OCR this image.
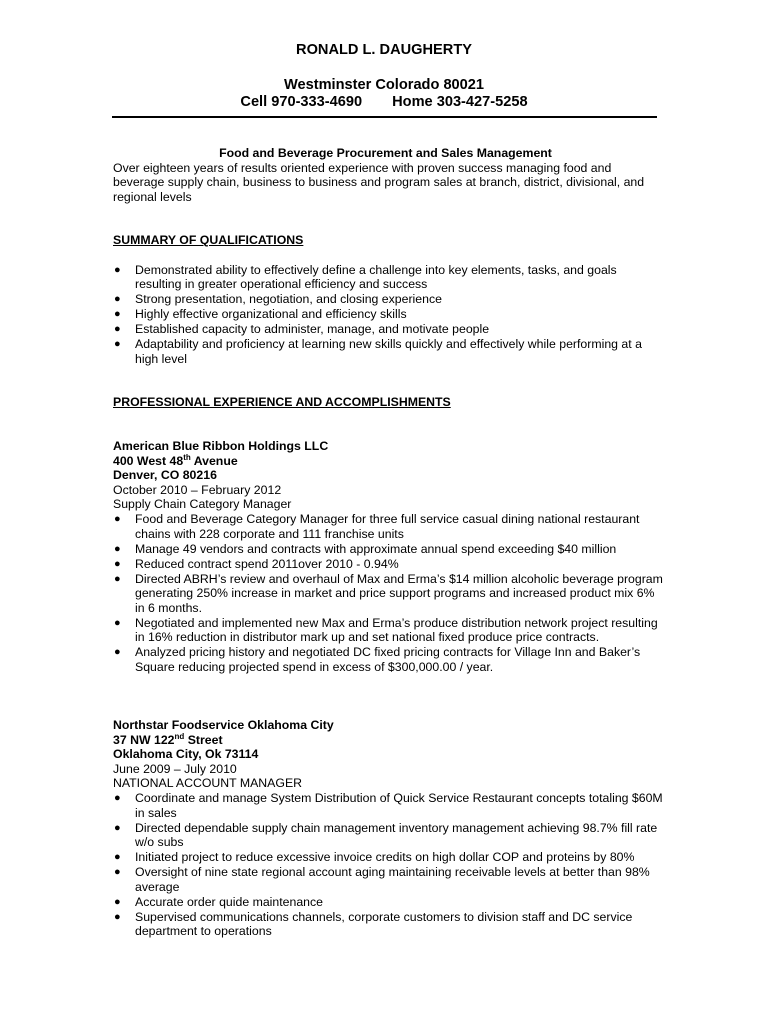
RONALD L. DAUGHERTY
Westminster Colorado 80021
Cell 970-333-4690 Home 303-427-5258
Food and Beverage Procurement and Sales Management
Over eighteen years of results oriented experience with proven success managing food and beverage supply chain, business to business and program sales at branch, district, divisional, and regional levels
SUMMARY OF QUALIFICATIONS
● Demonstrated ability to effectively define a challenge into key elements, tasks, and goals resulting in greater operational efficiency and success
● Strong presentation, negotiation, and closing experience
● Highly effective organizational and efficiency skills
● Established capacity to administer, manage, and motivate people
● Adaptability and proficiency at learning new skills quickly and effectively while performing at a high level
PROFESSIONAL EXPERIENCE AND ACCOMPLISHMENTS
American Blue Ribbon Holdings LLC
400 West 48th Avenue
Denver, CO 80216
October 2010 – February 2012
Supply Chain Category Manager
● Food and Beverage Category Manager for three full service casual dining national restaurant chains with 228 corporate and 111 franchise units
● Manage 49 vendors and contracts with approximate annual spend exceeding $40 million
● Reduced contract spend 2011over 2010 - 0.94%
● Directed ABRH’s review and overhaul of Max and Erma’s $14 million alcoholic beverage program generating 250% increase in market and price support programs and increased product mix 6% in 6 months.
● Negotiated and implemented new Max and Erma’s produce distribution network project resulting in 16% reduction in distributor mark up and set national fixed produce price contracts.
● Analyzed pricing history and negotiated DC fixed pricing contracts for Village Inn and Baker’s Square reducing projected spend in excess of $300,000.00 / year.
Northstar Foodservice Oklahoma City
37 NW 122nd Street
Oklahoma City, Ok 73114
June 2009 – July 2010
NATIONAL ACCOUNT MANAGER
● Coordinate and manage System Distribution of Quick Service Restaurant concepts totaling $60M in sales
● Directed dependable supply chain management inventory management achieving 98.7% fill rate w/o subs
● Initiated project to reduce excessive invoice credits on high dollar COP and proteins by 80%
● Oversight of nine state regional account aging maintaining receivable levels at better than 98% average
● Accurate order quide maintenance
● Supervised communications channels, corporate customers to division staff and DC service department to operations
